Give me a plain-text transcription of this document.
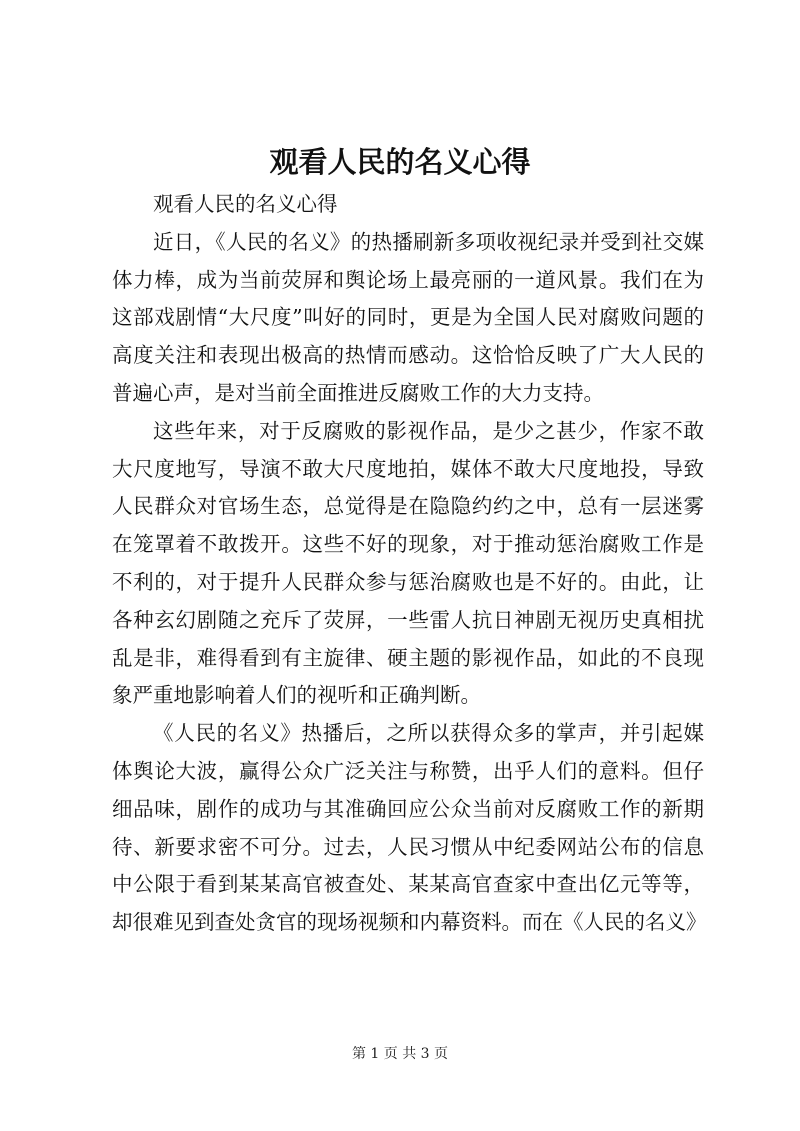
观看人民的名义心得

观看人民的名义心得

近日，《人民的名义》的热播刷新多项收视纪录并受到社交媒体力棒，成为当前荧屏和舆论场上最亮丽的一道风景。我们在为这部戏剧情“大尺度”叫好的同时，更是为全国人民对腐败问题的高度关注和表现出极高的热情而感动。这恰恰反映了广大人民的普遍心声，是对当前全面推进反腐败工作的大力支持。

这些年来，对于反腐败的影视作品，是少之甚少，作家不敢大尺度地写，导演不敢大尺度地拍，媒体不敢大尺度地投，导致人民群众对官场生态，总觉得是在隐隐约约之中，总有一层迷雾在笼罩着不敢拨开。这些不好的现象，对于推动惩治腐败工作是不利的，对于提升人民群众参与惩治腐败也是不好的。由此，让各种玄幻剧随之充斥了荧屏，一些雷人抗日神剧无视历史真相扰乱是非，难得看到有主旋律、硬主题的影视作品，如此的不良现象严重地影响着人们的视听和正确判断。

《人民的名义》热播后，之所以获得众多的掌声，并引起媒体舆论大波，赢得公众广泛关注与称赞，出乎人们的意料。但仔细品味，剧作的成功与其准确回应公众当前对反腐败工作的新期待、新要求密不可分。过去，人民习惯从中纪委网站公布的信息中公限于看到某某高官被查处、某某高官查家中查出亿元等等，却很难见到查处贪官的现场视频和内幕资料。而在《人民的名义》

第 1 页 共 3 页
